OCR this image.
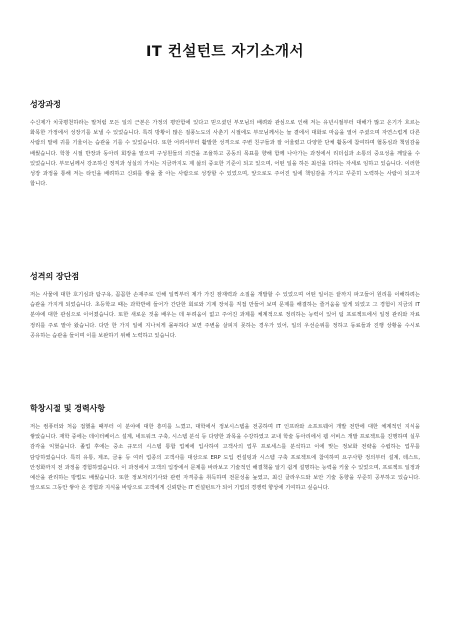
IT 컨설턴트 자기소개서
성장과정

수신제가 치국평천하라는 말처럼 모든 일의 근본은 가정의 평안함에 있다고 믿으셨던 부모님의 배려와 관심으로 인해 저는 유년시절부터 대해가 많고 온기가 흐르는 화목한 가정에서 성장기를 보낼 수 있었습니다. 특히 방황이 많은 질풍노도의 사춘기 시절에도 부모님께서는 늘 곁에서 대화로 마음을 열어 주셨으며 자연스럽게 다른 사람의 말에 귀를 기울이는 습관을 기를 수 있었습니다. 또한 어려서부터 활발한 성격으로 주변 친구들과 잘 어울렸고 다양한 단체 활동에 참여하며 협동심과 책임감을 배웠습니다. 학창 시절 반장과 동아리 회장을 맡으며 구성원들의 의견을 조율하고 공동의 목표를 향해 함께 나아가는 과정에서 리더십과 소통의 중요성을 깨달을 수 있었습니다. 부모님께서 강조하신 정직과 성실의 가치는 지금까지도 제 삶의 중요한 기준이 되고 있으며, 어떤 일을 하든 최선을 다하는 자세로 임하고 있습니다. 이러한 성장 과정을 통해 저는 타인을 배려하고 신뢰를 쌓을 줄 아는 사람으로 성장할 수 있었으며, 앞으로도 주어진 일에 책임감을 가지고 꾸준히 노력하는 사람이 되고자 합니다.

성격의 장단점

저는 사물에 대한 호기심과 탐구욕, 꼼꼼한 손재주로 인해 일찍부터 제가 가진 잠재력과 소질을 개발할 수 있었으며 어떤 일이든 끝까지 파고들어 원리를 이해하려는 습관을 가지게 되었습니다. 초등학교 때는 과학반에 들어가 간단한 회로와 기계 장치를 직접 만들어 보며 문제를 해결하는 즐거움을 알게 되었고 그 경험이 지금의 IT 분야에 대한 관심으로 이어졌습니다. 또한 새로운 것을 배우는 데 두려움이 없고 주어진 과제를 체계적으로 정리하는 능력이 있어 팀 프로젝트에서 일정 관리와 자료 정리를 주로 맡아 왔습니다. 다만 한 가지 일에 지나치게 몰두하다 보면 주변을 살피지 못하는 경우가 있어, 일의 우선순위를 정하고 동료들과 진행 상황을 수시로 공유하는 습관을 들이며 이를 보완하기 위해 노력하고 있습니다.

학창시절 및 경력사항

저는 컴퓨터와 처음 접했을 때부터 이 분야에 대한 흥미를 느꼈고, 대학에서 정보시스템을 전공하며 IT 인프라와 소프트웨어 개발 전반에 대한 체계적인 지식을 쌓았습니다. 재학 중에는 데이터베이스 설계, 네트워크 구축, 시스템 분석 등 다양한 과목을 수강하였고 교내 학술 동아리에서 웹 서비스 개발 프로젝트를 진행하며 실무 감각을 익혔습니다. 졸업 후에는 중소 규모의 시스템 통합 업체에 입사하여 고객사의 업무 프로세스를 분석하고 이에 맞는 정보화 전략을 수립하는 업무를 담당하였습니다. 특히 유통, 제조, 금융 등 여러 업종의 고객사를 대상으로 ERP 도입 컨설팅과 시스템 구축 프로젝트에 참여하며 요구사항 정의부터 설계, 테스트, 안정화까지 전 과정을 경험하였습니다. 이 과정에서 고객의 입장에서 문제를 바라보고 기술적인 해결책을 알기 쉽게 설명하는 능력을 키울 수 있었으며, 프로젝트 일정과 예산을 관리하는 방법도 배웠습니다. 또한 정보처리기사와 관련 자격증을 취득하며 전문성을 높였고, 최신 클라우드와 보안 기술 동향을 꾸준히 공부하고 있습니다. 앞으로도 그동안 쌓아 온 경험과 지식을 바탕으로 고객에게 신뢰받는 IT 컨설턴트가 되어 기업의 경쟁력 향상에 기여하고 싶습니다.
